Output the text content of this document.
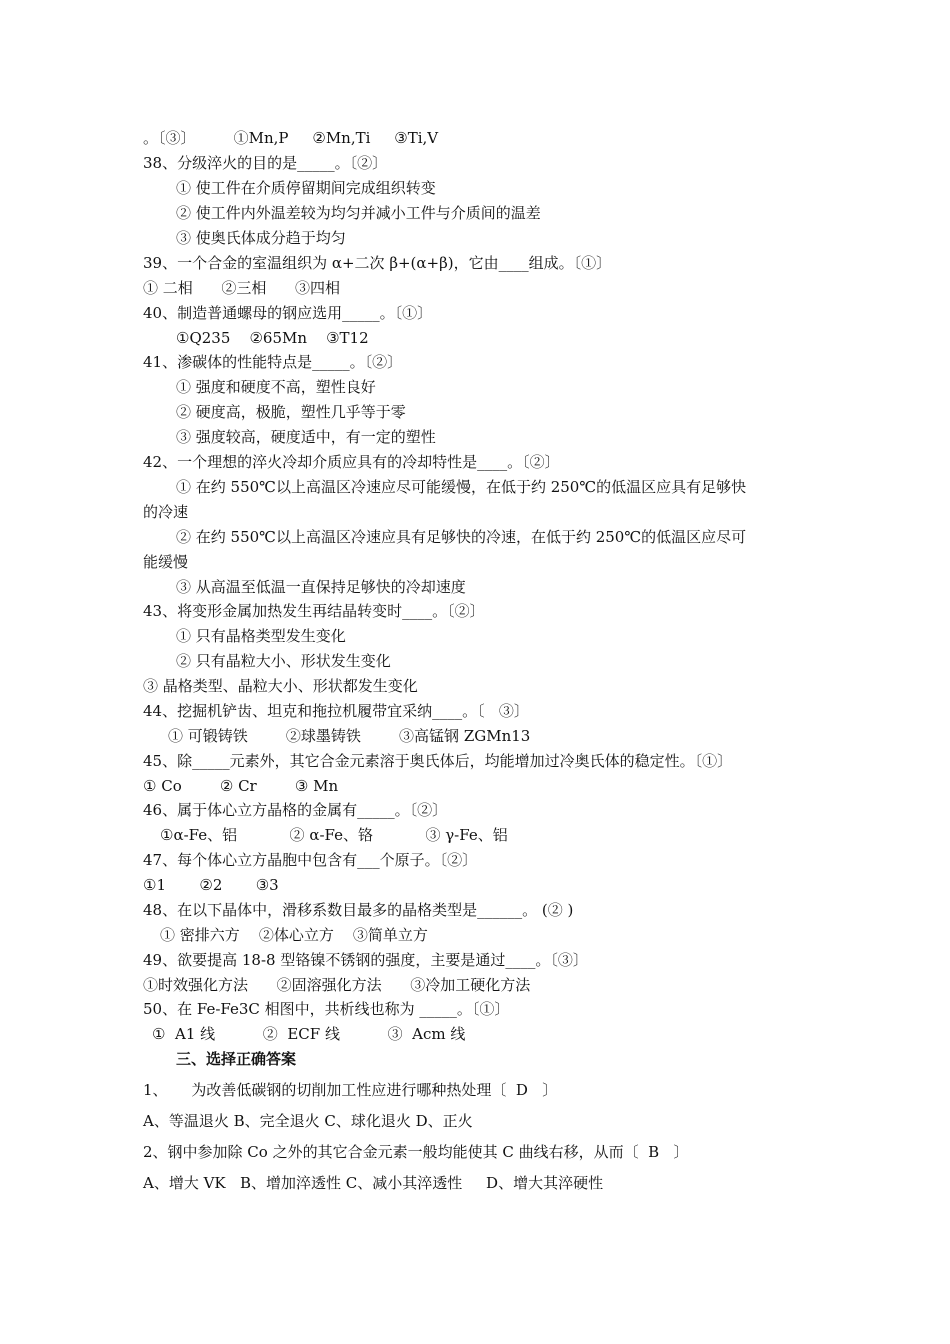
。〔③〕        ①Mn,P     ②Mn,Ti     ③Ti,V
38、分级淬火的目的是_____。〔②〕
① 使工件在介质停留期间完成组织转变
② 使工件内外温差较为均匀并减小工件与介质间的温差
③ 使奥氏体成分趋于均匀
39、一个合金的室温组织为 α+二次 β+(α+β)，它由____组成。〔①〕
① 二相      ②三相      ③四相
40、制造普通螺母的钢应选用_____。〔①〕
①Q235    ②65Mn    ③T12
41、渗碳体的性能特点是_____。〔②〕
① 强度和硬度不高，塑性良好
② 硬度高，极脆，塑性几乎等于零
③ 强度较高，硬度适中，有一定的塑性
42、一个理想的淬火冷却介质应具有的冷却特性是____。〔②〕
① 在约 550℃以上高温区冷速应尽可能缓慢，在低于约 250℃的低温区应具有足够快
的冷速
② 在约 550℃以上高温区冷速应具有足够快的冷速，在低于约 250℃的低温区应尽可
能缓慢
③ 从高温至低温一直保持足够快的冷却速度
43、将变形金属加热发生再结晶转变时____。〔②〕
① 只有晶格类型发生变化
② 只有晶粒大小、形状发生变化
③ 晶格类型、晶粒大小、形状都发生变化
44、挖掘机铲齿、坦克和拖拉机履带宜采纳____。〔   ③〕
① 可锻铸铁        ②球墨铸铁        ③高锰钢 ZGMn13
45、除_____元素外，其它合金元素溶于奥氏体后，均能增加过冷奥氏体的稳定性。〔①〕
① Co        ② Cr        ③ Mn
46、属于体心立方晶格的金属有_____。〔②〕
①α-Fe、铝           ② α-Fe、铬           ③ γ-Fe、铝
47、每个体心立方晶胞中包含有___个原子。〔②〕
①1       ②2       ③3
48、在以下晶体中，滑移系数目最多的晶格类型是______。 (② )
① 密排六方    ②体心立方    ③简单立方
49、欲要提高 18-8 型铬镍不锈钢的强度，主要是通过____。〔③〕
①时效强化方法      ②固溶强化方法      ③冷加工硬化方法
50、在 Fe-Fe3C 相图中，共析线也称为 _____。〔①〕
①  A1 线          ②  ECF 线          ③  Acm 线
三、选择正确答案
1、     为改善低碳钢的切削加工性应进行哪种热处理〔  D   〕
A、等温退火 B、完全退火 C、球化退火 D、正火
2、钢中参加除 Co 之外的其它合金元素一般均能使其 C 曲线右移，从而〔  B   〕
A、增大 VK   B、增加淬透性 C、减小其淬透性     D、增大其淬硬性
